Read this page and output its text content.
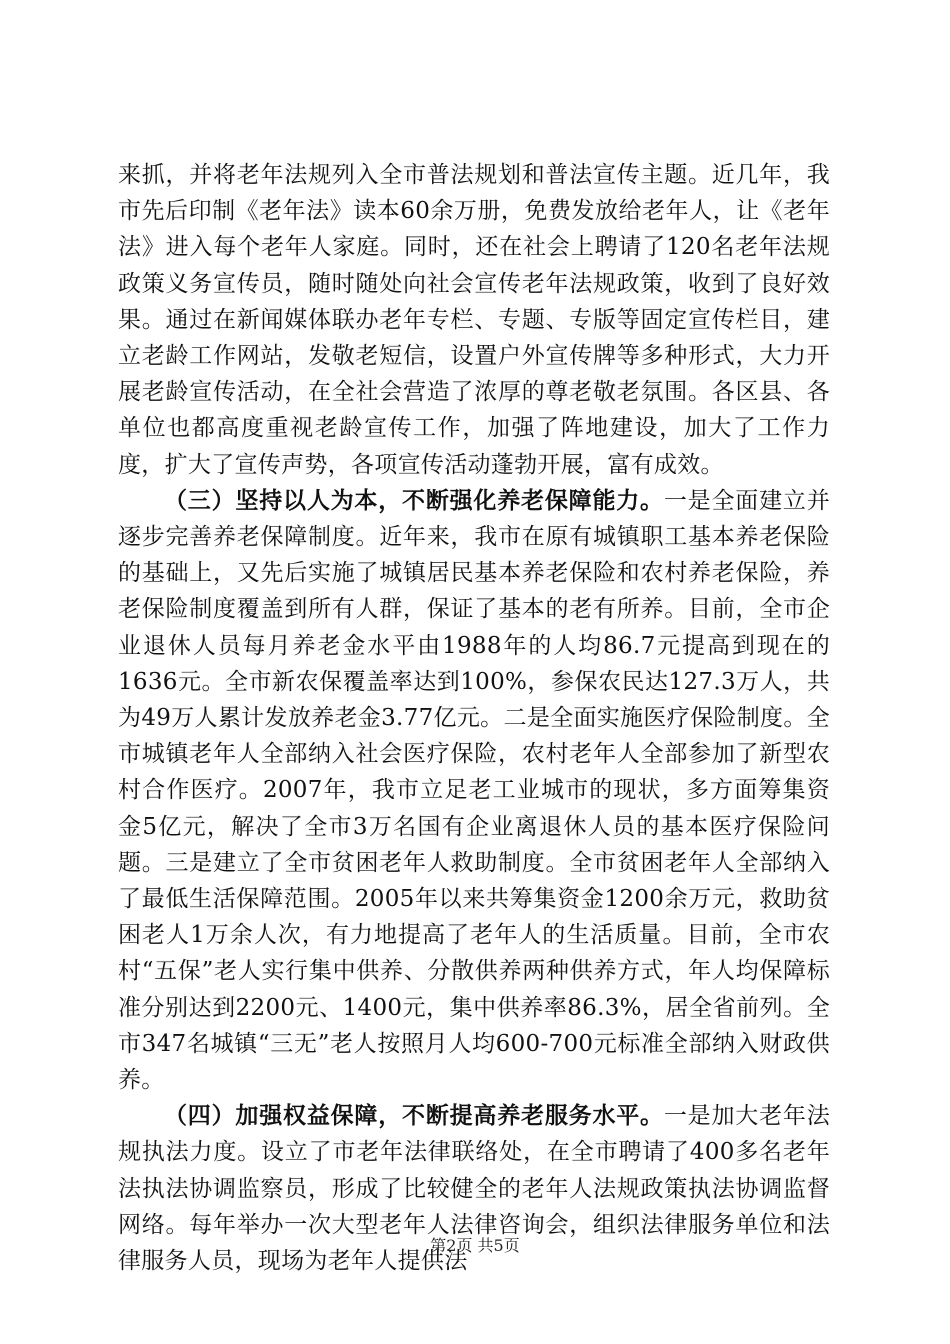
来抓，并将老年法规列入全市普法规划和普法宣传主题。近几年，我市先后印制《老年法》读本60余万册，免费发放给老年人，让《老年法》进入每个老年人家庭。同时，还在社会上聘请了120名老年法规政策义务宣传员，随时随处向社会宣传老年法规政策，收到了良好效果。通过在新闻媒体联办老年专栏、专题、专版等固定宣传栏目，建立老龄工作网站，发敬老短信，设置户外宣传牌等多种形式，大力开展老龄宣传活动，在全社会营造了浓厚的尊老敬老氛围。各区县、各单位也都高度重视老龄宣传工作，加强了阵地建设，加大了工作力度，扩大了宣传声势，各项宣传活动蓬勃开展，富有成效。

（三）坚持以人为本，不断强化养老保障能力。一是全面建立并逐步完善养老保障制度。近年来，我市在原有城镇职工基本养老保险的基础上，又先后实施了城镇居民基本养老保险和农村养老保险，养老保险制度覆盖到所有人群，保证了基本的老有所养。目前，全市企业退休人员每月养老金水平由1988年的人均86.7元提高到现在的1636元。全市新农保覆盖率达到100%，参保农民达127.3万人，共为49万人累计发放养老金3.77亿元。二是全面实施医疗保险制度。全市城镇老年人全部纳入社会医疗保险，农村老年人全部参加了新型农村合作医疗。2007年，我市立足老工业城市的现状，多方面筹集资金5亿元，解决了全市3万名国有企业离退休人员的基本医疗保险问题。三是建立了全市贫困老年人救助制度。全市贫困老年人全部纳入了最低生活保障范围。2005年以来共筹集资金1200余万元，救助贫困老人1万余人次，有力地提高了老年人的生活质量。目前，全市农村“五保”老人实行集中供养、分散供养两种供养方式，年人均保障标准分别达到2200元、1400元，集中供养率86.3%，居全省前列。全市347名城镇“三无”老人按照月人均600-700元标准全部纳入财政供养。

（四）加强权益保障，不断提高养老服务水平。一是加大老年法规执法力度。设立了市老年法律联络处，在全市聘请了400多名老年法执法协调监察员，形成了比较健全的老年人法规政策执法协调监督网络。每年举办一次大型老年人法律咨询会，组织法律服务单位和法律服务人员，现场为老年人提供法

第2页 共5页
